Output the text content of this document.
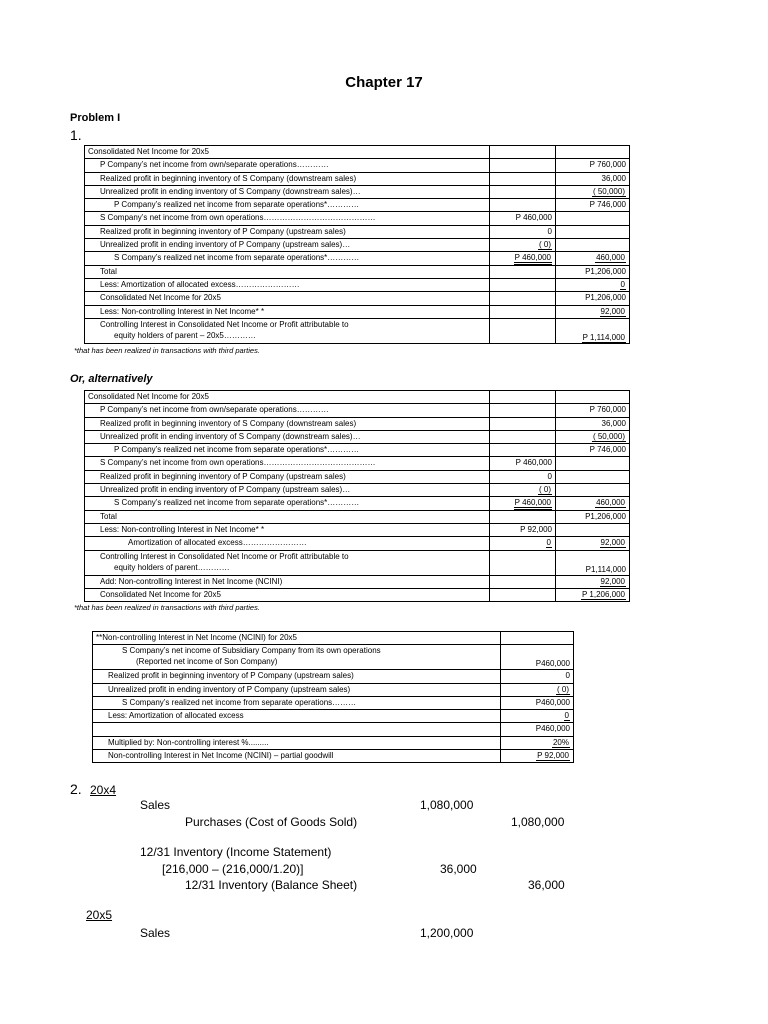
Chapter 17
Problem I
1.
Consolidated Net Income for 20x5		
P Company’s net income from own/separate operations…………		P 760,000
Realized profit in beginning inventory of S Company (downstream sales)		36,000
Unrealized profit in ending inventory of S Company (downstream sales)…		( 50,000)
P Company’s realized net income from separate operations*…………		P 746,000
S Company’s net income from own operations……………………………………	P 460,000	
Realized profit in beginning inventory of P Company (upstream sales)	0	
Unrealized profit in ending inventory of P Company (upstream sales)…	( 0)	
S Company’s realized net income from separate operations*…………	P 460,000	460,000
Total		P1,206,000
Less: Amortization of allocated excess……………………		0
Consolidated Net Income for 20x5		P1,206,000
Less: Non-controlling Interest in Net Income* *		92,000
Controlling Interest in Consolidated Net Income or Profit attributable to
equity holders of parent – 20x5…………		P 1,114,000
*that has been realized in transactions with third parties.
Or, alternatively
Consolidated Net Income for 20x5		
P Company’s net income from own/separate operations…………		P 760,000
Realized profit in beginning inventory of S Company (downstream sales)		36,000
Unrealized profit in ending inventory of S Company (downstream sales)…		( 50,000)
P Company’s realized net income from separate operations*…………		P 746,000
S Company’s net income from own operations……………………………………	P 460,000	
Realized profit in beginning inventory of P Company (upstream sales)	0	
Unrealized profit in ending inventory of P Company (upstream sales)…	( 0)	
S Company’s realized net income from separate operations*…………	P 460,000	460,000
Total		P1,206,000
Less: Non-controlling Interest in Net Income* *	P 92,000	
Amortization of allocated excess……………………	0	92,000
Controlling Interest in Consolidated Net Income or Profit attributable to
equity holders of parent…………		P1,114,000
Add: Non-controlling Interest in Net Income (NCINI)		92,000
Consolidated Net Income for 20x5		P 1,206,000
*that has been realized in transactions with third parties.
**Non-controlling Interest in Net Income (NCINI) for 20x5	
S Company’s net income of Subsidiary Company from its own operations
(Reported net income of Son Company)	P460,000
Realized profit in beginning inventory of P Company (upstream sales)	0
Unrealized profit in ending inventory of P Company (upstream sales)	( 0)
S Company’s realized net income from separate operations………	P460,000
Less: Amortization of allocated excess	0
	P460,000
Multiplied by: Non-controlling interest %.........	20%
Non-controlling Interest in Net Income (NCINI) – partial goodwill	P 92,000
2. 20x4
Sales	1,080,000
Purchases (Cost of Goods Sold)	1,080,000
12/31 Inventory (Income Statement)
[216,000 – (216,000/1.20)]	36,000
12/31 Inventory (Balance Sheet)	36,000
20x5
Sales	1,200,000
